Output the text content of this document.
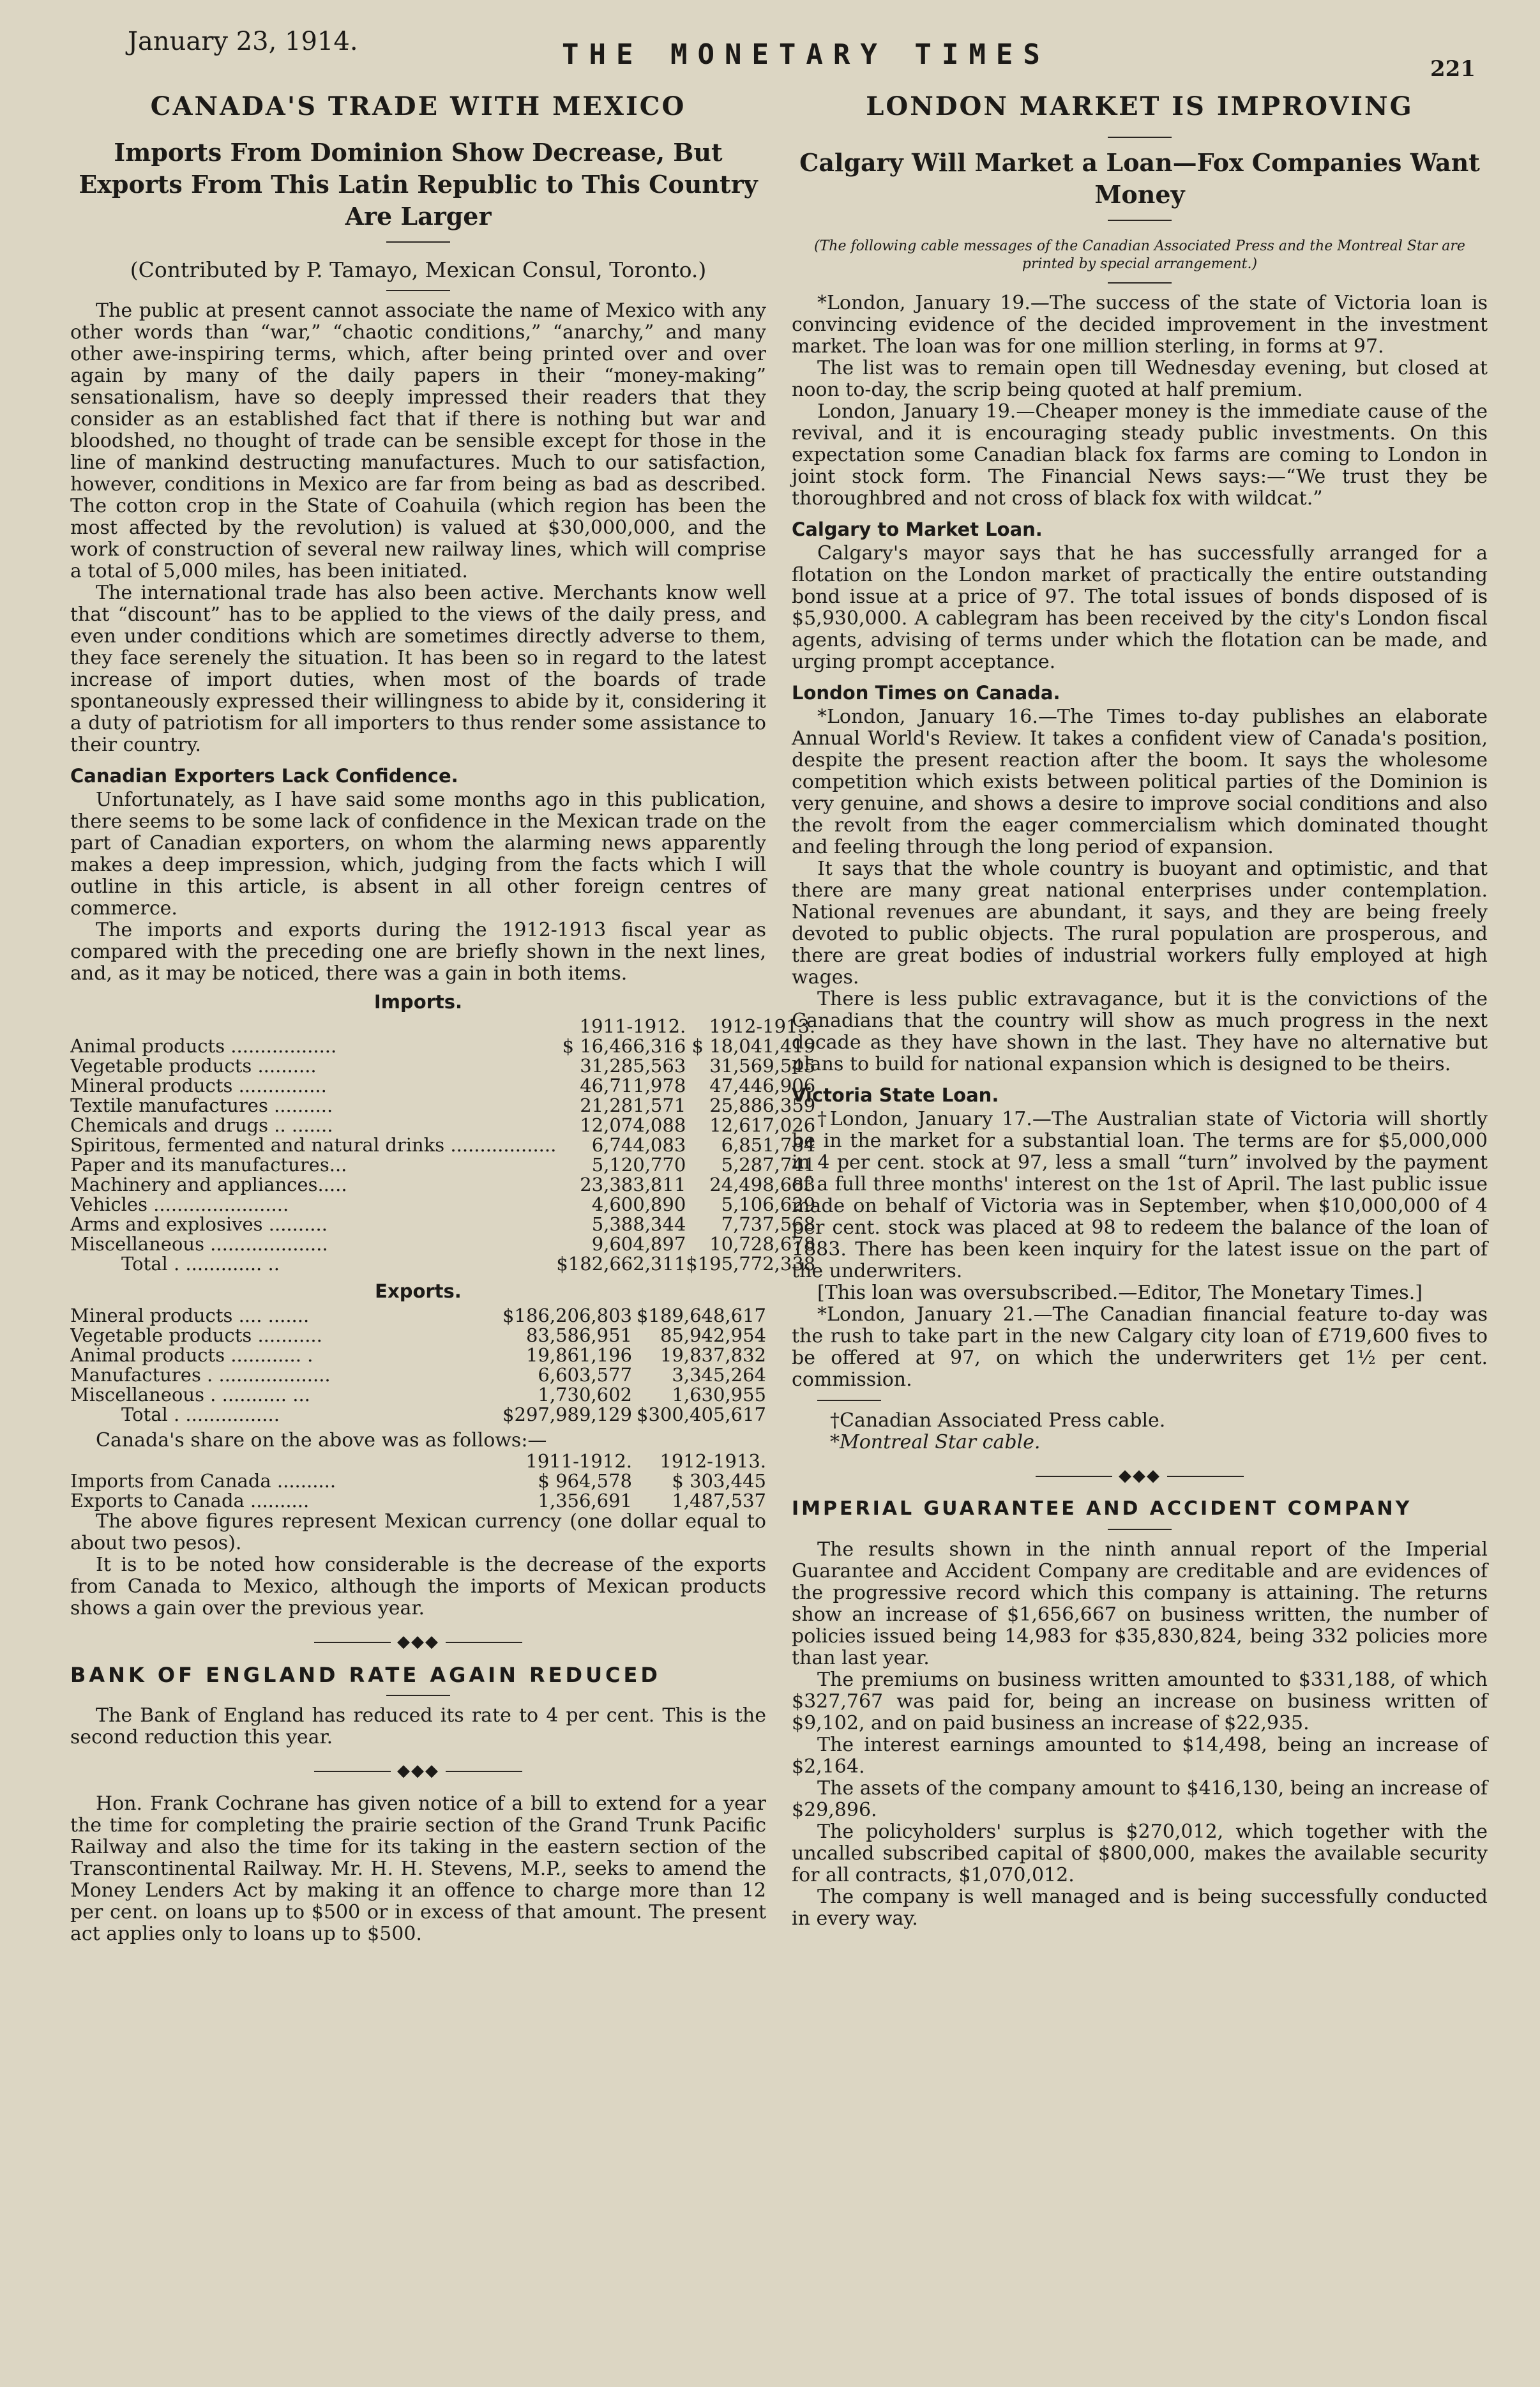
January 23, 1914.	THE MONETARY TIMES	221
CANADA'S TRADE WITH MEXICO
Imports From Dominion Show Decrease, But Exports From This Latin Republic to This Country Are Larger
(Contributed by P. Tamayo, Mexican Consul, Toronto.)

The public at present cannot associate the name of Mexico with any other words than “war,” “chaotic conditions,” “anarchy,” and many other awe-inspiring terms, which, after being printed over and over again by many of the daily papers in their “money-making” sensationalism, have so deeply impressed their readers that they consider as an established fact that if there is nothing but war and bloodshed, no thought of trade can be sensible except for those in the line of mankind destructing manufactures. Much to our satisfaction, however, conditions in Mexico are far from being as bad as described. The cotton crop in the State of Coahuila (which region has been the most affected by the revolution) is valued at $30,000,000, and the work of construction of several new railway lines, which will comprise a total of 5,000 miles, has been initiated.

The international trade has also been active. Merchants know well that “discount” has to be applied to the views of the daily press, and even under conditions which are sometimes directly adverse to them, they face serenely the situation. It has been so in regard to the latest increase of import duties, when most of the boards of trade spontaneously expressed their willingness to abide by it, considering it a duty of patriotism for all importers to thus render some assistance to their country.

Canadian Exporters Lack Confidence.

Unfortunately, as I have said some months ago in this publication, there seems to be some lack of confidence in the Mexican trade on the part of Canadian exporters, on whom the alarming news apparently makes a deep impression, which, judging from the facts which I will outline in this article, is absent in all other foreign centres of commerce.

The imports and exports during the 1912-1913 fiscal year as compared with the preceding one are briefly shown in the next lines, and, as it may be noticed, there was a gain in both items.

Imports.
	1911-1912.	1912-1913.
Animal products ..................	$ 16,466,316	$ 18,041,419
Vegetable products ..........	31,285,563	31,569,545
Mineral products ...............	46,711,978	47,446,906
Textile manufactures ..........	21,281,571	25,886,359
Chemicals and drugs .. .......	12,074,088	12,617,026
Spiritous, fermented and natural drinks ..................	6,744,083	6,851,784
Paper and its manufactures...	5,120,770	5,287,741
Machinery and appliances.....	23,383,811	24,498,683
Vehicles .......................	4,600,890	5,106,629
Arms and explosives ..........	5,388,344	7,737,568
Miscellaneous ....................	9,604,897	10,728,678
Total . ............. ..	$182,662,311	$195,772,338
Exports.
Mineral products .... .......	$186,206,803	$189,648,617
Vegetable products ...........	83,586,951	85,942,954
Animal products ............ .	19,861,196	19,837,832
Manufactures . ...................	6,603,577	3,345,264
Miscellaneous . ........... ...	1,730,602	1,630,955
Total . ................	$297,989,129	$300,405,617

Canada's share on the above was as follows:—

	1911-1912.	1912-1913.
Imports from Canada ..........	$ 964,578	$ 303,445
Exports to Canada ..........	1,356,691	1,487,537

The above figures represent Mexican currency (one dollar equal to about two pesos).

It is to be noted how considerable is the decrease of the exports from Canada to Mexico, although the imports of Mexican products shows a gain over the previous year.

◆◆◆
BANK OF ENGLAND RATE AGAIN REDUCED

The Bank of England has reduced its rate to 4 per cent. This is the second reduction this year.

◆◆◆

Hon. Frank Cochrane has given notice of a bill to extend for a year the time for completing the prairie section of the Grand Trunk Pacific Railway and also the time for its taking in the eastern section of the Transcontinental Railway. Mr. H. H. Stevens, M.P., seeks to amend the Money Lenders Act by making it an offence to charge more than 12 per cent. on loans up to $500 or in excess of that amount. The present act applies only to loans up to $500.

LONDON MARKET IS IMPROVING
Calgary Will Market a Loan—Fox Companies Want Money
(The following cable messages of the Canadian Associated Press and the Montreal Star are printed by special arrangement.)

*London, January 19.—The success of the state of Victoria loan is convincing evidence of the decided improvement in the investment market. The loan was for one million sterling, in forms at 97.

The list was to remain open till Wednesday evening, but closed at noon to-day, the scrip being quoted at half premium.

London, January 19.—Cheaper money is the immediate cause of the revival, and it is encouraging steady public investments. On this expectation some Canadian black fox farms are coming to London in joint stock form. The Financial News says:—“We trust they be thoroughbred and not cross of black fox with wildcat.”

Calgary to Market Loan.

Calgary's mayor says that he has successfully arranged for a flotation on the London market of practically the entire outstanding bond issue at a price of 97. The total issues of bonds disposed of is $5,930,000. A cablegram has been received by the city's London fiscal agents, advising of terms under which the flotation can be made, and urging prompt acceptance.

London Times on Canada.

*London, January 16.—The Times to-day publishes an elaborate Annual World's Review. It takes a confident view of Canada's position, despite the present reaction after the boom. It says the wholesome competition which exists between political parties of the Dominion is very genuine, and shows a desire to improve social conditions and also the revolt from the eager commercialism which dominated thought and feeling through the long period of expansion.

It says that the whole country is buoyant and optimistic, and that there are many great national enterprises under contemplation. National revenues are abundant, it says, and they are being freely devoted to public objects. The rural population are prosperous, and there are great bodies of industrial workers fully employed at high wages.

There is less public extravagance, but it is the convictions of the Canadians that the country will show as much progress in the next decade as they have shown in the last. They have no alternative but plans to build for national expansion which is designed to be theirs.

Victoria State Loan.

†London, January 17.—The Australian state of Victoria will shortly be in the market for a substantial loan. The terms are for $5,000,000 in 4 per cent. stock at 97, less a small “turn” involved by the payment of a full three months' interest on the 1st of April. The last public issue made on behalf of Victoria was in September, when $10,000,000 of 4 per cent. stock was placed at 98 to redeem the balance of the loan of 1883. There has been keen inquiry for the latest issue on the part of the underwriters.

[This loan was oversubscribed.—Editor, The Monetary Times.]

*London, January 21.—The Canadian financial feature to-day was the rush to take part in the new Calgary city loan of £719,600 fives to be offered at 97, on which the underwriters get 1½ per cent. commission.

†Canadian Associated Press cable.
*Montreal Star cable.
◆◆◆
IMPERIAL GUARANTEE AND ACCIDENT COMPANY

The results shown in the ninth annual report of the Imperial Guarantee and Accident Company are creditable and are evidences of the progressive record which this company is attaining. The returns show an increase of $1,656,667 on business written, the number of policies issued being 14,983 for $35,830,824, being 332 policies more than last year.

The premiums on business written amounted to $331,188, of which $327,767 was paid for, being an increase on business written of $9,102, and on paid business an increase of $22,935.

The interest earnings amounted to $14,498, being an increase of $2,164.

The assets of the company amount to $416,130, being an increase of $29,896.

The policyholders' surplus is $270,012, which together with the uncalled subscribed capital of $800,000, makes the available security for all contracts, $1,070,012.

The company is well managed and is being successfully conducted in every way.
